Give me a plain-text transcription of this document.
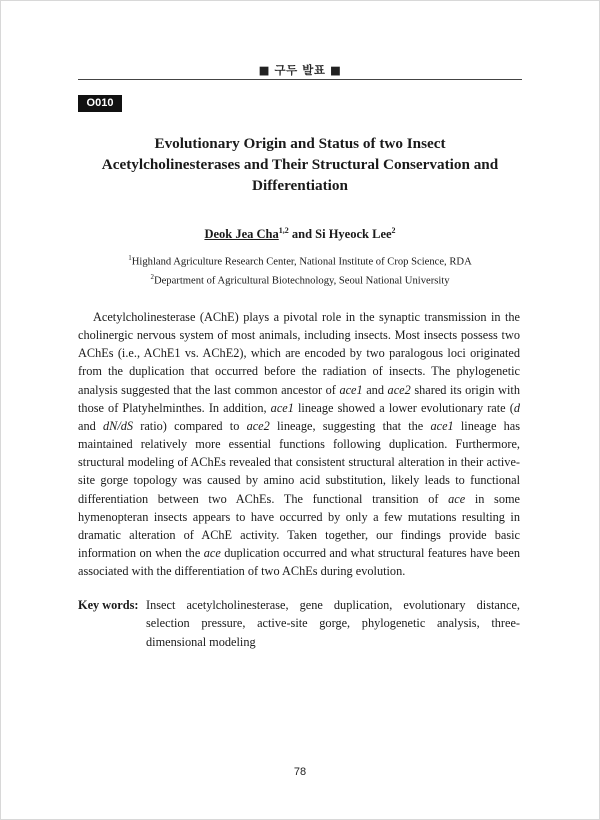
■ 구두 발표 ■
O010
Evolutionary Origin and Status of two Insect
Acetylcholinesterases and Their Structural Conservation and
Differentiation
Deok Jea Cha$^{1,2}$ and Si Hyeock Lee$^2$
$^1$Highland Agriculture Research Center, National Institute of Crop Science, RDA
$^2$Department of Agricultural Biotechnology, Seoul National University

Acetylcholinesterase (AChE) plays a pivotal role in the synaptic transmission in the cholinergic nervous system of most animals, including insects. Most insects possess two AChEs (i.e., AChE1 vs. AChE2), which are encoded by two paralogous loci originated from the duplication that occurred before the radiation of insects. The phylogenetic analysis suggested that the last common ancestor of ace1 and ace2 shared its origin with those of Platyhelminthes. In addition, ace1 lineage showed a lower evolutionary rate (d and dN/dS ratio) compared to ace2 lineage, suggesting that the ace1 lineage has maintained relatively more essential functions following duplication. Furthermore, structural modeling of AChEs revealed that consistent structural alteration in their active-site gorge topology was caused by amino acid substitution, likely leads to functional differentiation between two AChEs. The functional transition of ace in some hymenopteran insects appears to have occurred by only a few mutations resulting in dramatic alteration of AChE activity. Taken together, our findings provide basic information on when the ace duplication occurred and what structural features have been associated with the differentiation of two AChEs during evolution.

Key words: Insect acetylcholinesterase, gene duplication, evolutionary distance, selection pressure, active-site gorge, phylogenetic analysis, three-dimensional modeling
78
